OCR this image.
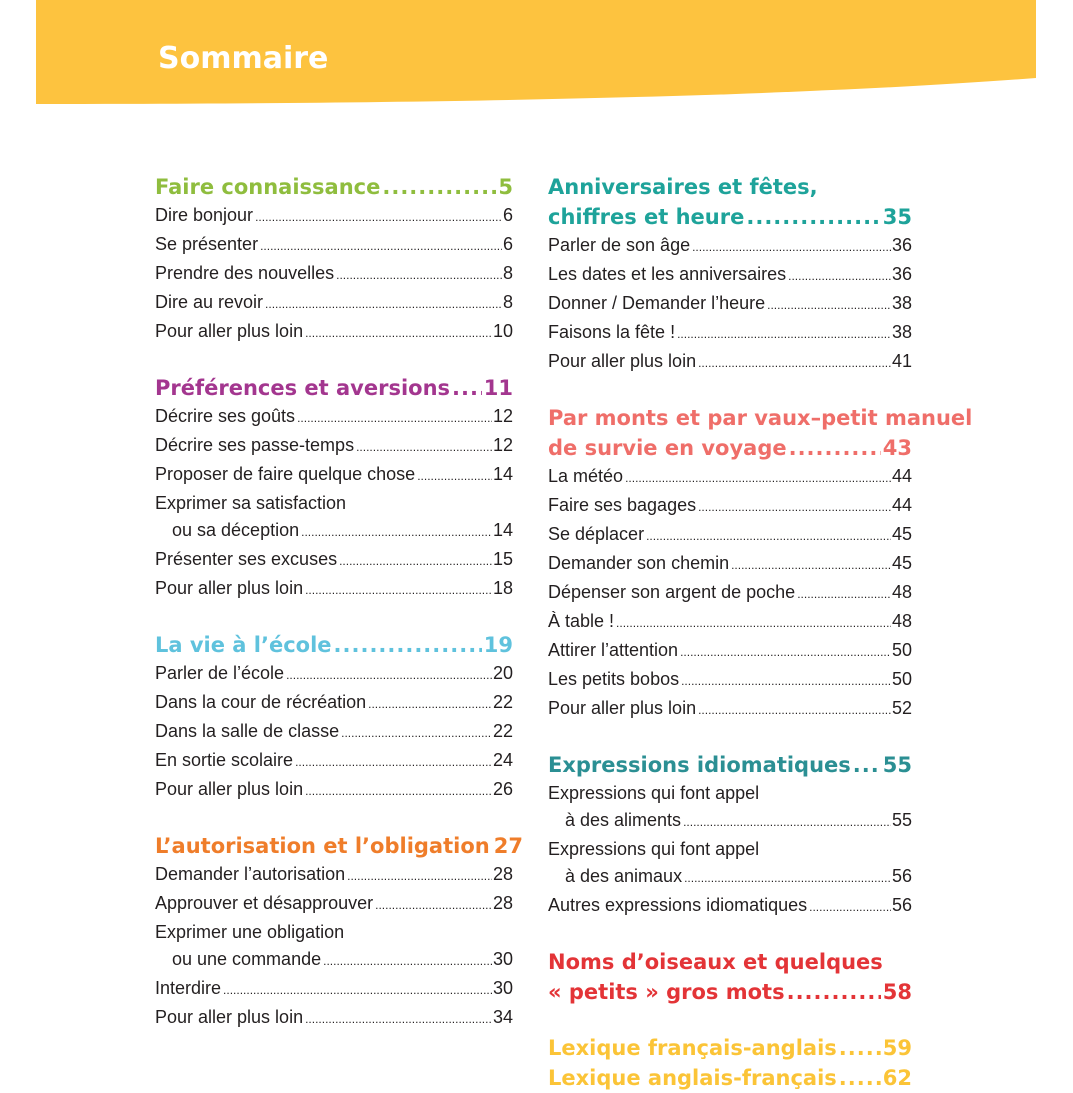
Sommaire
Faire connaissance .....	5
Dire bonjour .....	6
Se présenter .....	6
Prendre des nouvelles .....	8
Dire au revoir .....	8
Pour aller plus loin .....	10
Préférences et aversions ..... 11
Décrire ses goûts .....	12
Décrire ses passe-temps .....	12
Proposer de faire quelque chose .....	14
Exprimer sa satisfaction
ou sa déception .....	14
Présenter ses excuses .....	15
Pour aller plus loin .....	18
La vie à l’école .....	19
Parler de l’école .....	20
Dans la cour de récréation .....	22
Dans la salle de classe .....	22
En sortie scolaire .....	24
Pour aller plus loin .....	26
L’autorisation et l’obligation 27
Demander l’autorisation .....	28
Approuver et désapprouver .....	28
Exprimer une obligation
ou une commande .....	30
Interdire .....	30
Pour aller plus loin .....	34
Anniversaires et fêtes,
chiffres et heure .....	35
Parler de son âge .....	36
Les dates et les anniversaires .....	36
Donner / Demander l’heure .....	38
Faisons la fête ! .....	38
Pour aller plus loin .....	41
Par monts et par vaux–petit manuel
de survie en voyage .....	43
La météo .....	44
Faire ses bagages .....	44
Se déplacer .....	45
Demander son chemin .....	45
Dépenser son argent de poche .....	48
À table ! .....	48
Attirer l’attention .....	50
Les petits bobos .....	50
Pour aller plus loin .....	52
Expressions idiomatiques ..... 55
Expressions qui font appel
à des aliments .....	55
Expressions qui font appel
à des animaux .....	56
Autres expressions idiomatiques .....	56
Noms d’oiseaux et quelques
« petits » gros mots .....	58
Lexique français-anglais ..... 59
Lexique anglais-français ..... 62
